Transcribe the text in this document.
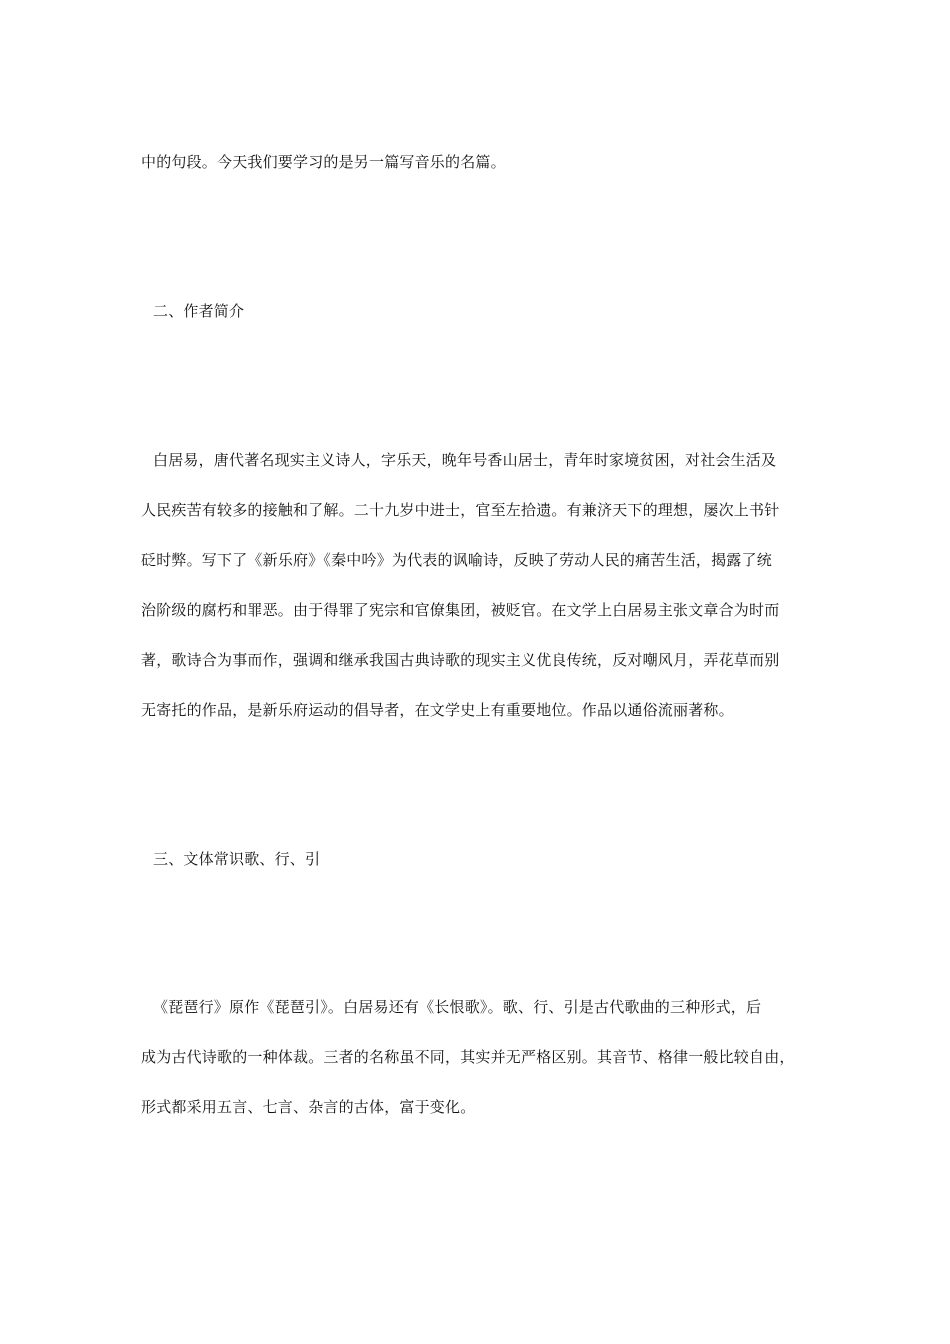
中的句段。今天我们要学习的是另一篇写音乐的名篇。
二、作者简介
白居易，唐代著名现实主义诗人，字乐天，晚年号香山居士，青年时家境贫困，对社会生活及
人民疾苦有较多的接触和了解。二十九岁中进士，官至左拾遗。有兼济天下的理想，屡次上书针
砭时弊。写下了《新乐府》《秦中吟》为代表的讽喻诗，反映了劳动人民的痛苦生活，揭露了统
治阶级的腐朽和罪恶。由于得罪了宪宗和官僚集团，被贬官。在文学上白居易主张文章合为时而
著，歌诗合为事而作，强调和继承我国古典诗歌的现实主义优良传统，反对嘲风月，弄花草而别
无寄托的作品，是新乐府运动的倡导者，在文学史上有重要地位。作品以通俗流丽著称。
三、文体常识歌、行、引
《琵琶行》原作《琵琶引》。白居易还有《长恨歌》。歌、行、引是古代歌曲的三种形式，后
成为古代诗歌的一种体裁。三者的名称虽不同，其实并无严格区别。其音节、格律一般比较自由，
形式都采用五言、七言、杂言的古体，富于变化。
